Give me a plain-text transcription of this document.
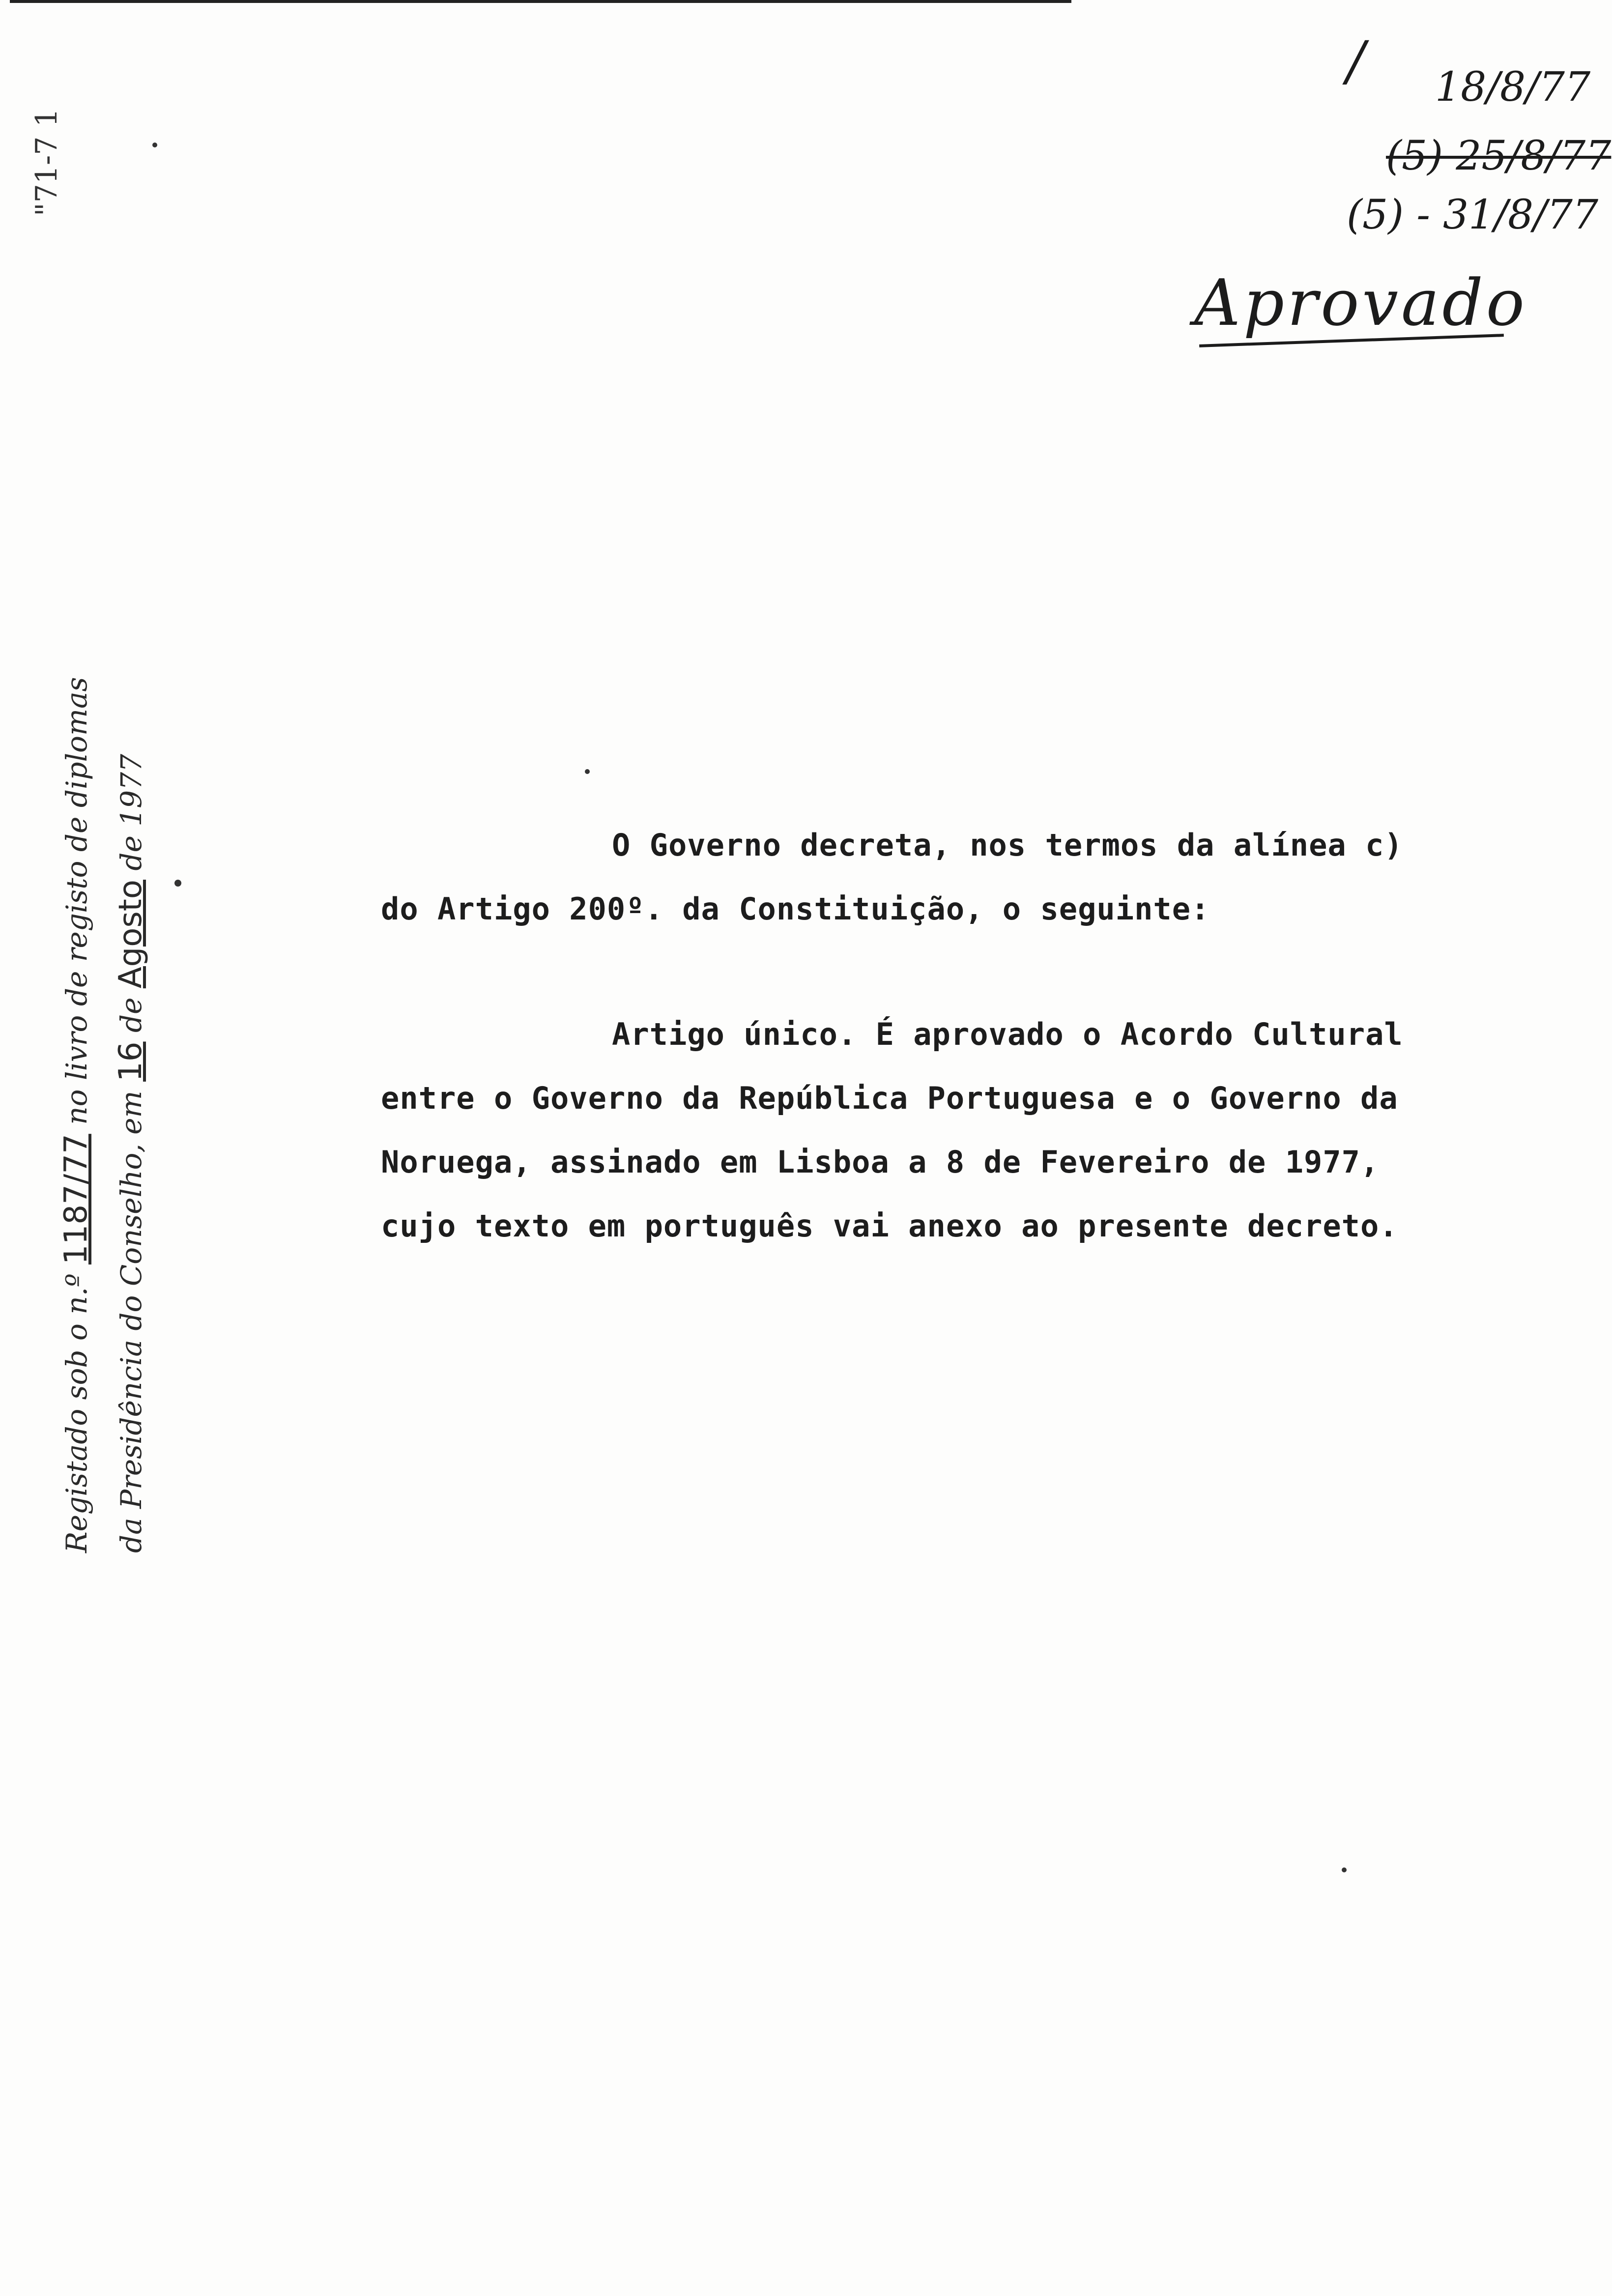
"71-7 1
/ 18/8/77
(5) 25/8/77
(5) - 31/8/77
Aprovado
Registado sob o n.º 1187/77 no livro de registo de diplomas
da Presidência do Conselho, em 16 de Agosto de 1977	O Governo decreta, nos termos da alínea c)
do Artigo 200º. da Constituição, o seguinte:

Artigo único. É aprovado o Acordo Cultural
entre o Governo da República Portuguesa e o Governo da
Noruega, assinado em Lisboa a 8 de Fevereiro de 1977,
cujo texto em português vai anexo ao presente decreto.
